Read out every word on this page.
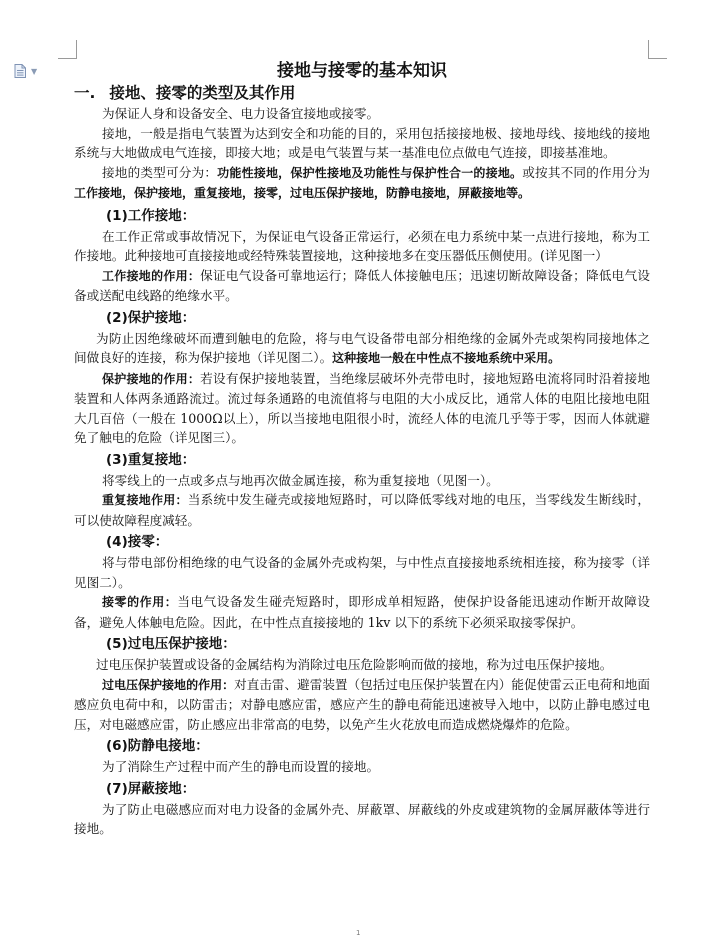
▼	接地与接零的基本知识
一. 接地、接零的类型及其作用

为保证人身和设备安全、电力设备宜接地或接零。

接地，一般是指电气装置为达到安全和功能的目的，采用包括接接地极、接地母线、接地线的接地系统与大地做成电气连接，即接大地；或是电气装置与某一基准电位点做电气连接，即接基准地。

接地的类型可分为：功能性接地，保护性接地及功能性与保护性合一的接地。或按其不同的作用分为工作接地，保护接地，重复接地，接零，过电压保护接地，防静电接地，屏蔽接地等。

(1)工作接地：

在工作正常或事故情况下，为保证电气设备正常运行，必须在电力系统中某一点进行接地，称为工作接地。此种接地可直接接地或经特殊装置接地，这种接地多在变压器低压侧使用。(详见图一）

工作接地的作用：保证电气设备可靠地运行；降低人体接触电压；迅速切断故障设备；降低电气设备或送配电线路的绝缘水平。

(2)保护接地：

为防止因绝缘破坏而遭到触电的危险，将与电气设备带电部分相绝缘的金属外壳或架构同接地体之间做良好的连接，称为保护接地（详见图二）。这种接地一般在中性点不接地系统中采用。

保护接地的作用：若设有保护接地装置，当绝缘层破坏外壳带电时，接地短路电流将同时沿着接地装置和人体两条通路流过。流过每条通路的电流值将与电阻的大小成反比，通常人体的电阻比接地电阻大几百倍（一般在 1000Ω以上），所以当接地电阻很小时，流经人体的电流几乎等于零，因而人体就避免了触电的危险（详见图三）。

(3)重复接地：

将零线上的一点或多点与地再次做金属连接，称为重复接地（见图一）。

重复接地作用：当系统中发生碰壳或接地短路时，可以降低零线对地的电压，当零线发生断线时，可以使故障程度减轻。

(4)接零：

将与带电部份相绝缘的电气设备的金属外壳或构架，与中性点直接接地系统相连接，称为接零（详见图二）。

接零的作用：当电气设备发生碰壳短路时，即形成单相短路，使保护设备能迅速动作断开故障设备，避免人体触电危险。因此，在中性点直接接地的 1kv 以下的系统下必须采取接零保护。

(5)过电压保护接地：

过电压保护装置或设备的金属结构为消除过电压危险影响而做的接地，称为过电压保护接地。

过电压保护接地的作用：对直击雷、避雷装置（包括过电压保护装置在内）能促使雷云正电荷和地面感应负电荷中和，以防雷击；对静电感应雷，感应产生的静电荷能迅速被导入地中，以防止静电感过电压，对电磁感应雷，防止感应出非常高的电势，以免产生火花放电而造成燃烧爆炸的危险。

(6)防静电接地：

为了消除生产过程中而产生的静电而设置的接地。

(7)屏蔽接地：

为了防止电磁感应而对电力设备的金属外壳、屏蔽罩、屏蔽线的外皮或建筑物的金属屏蔽体等进行接地。

1
